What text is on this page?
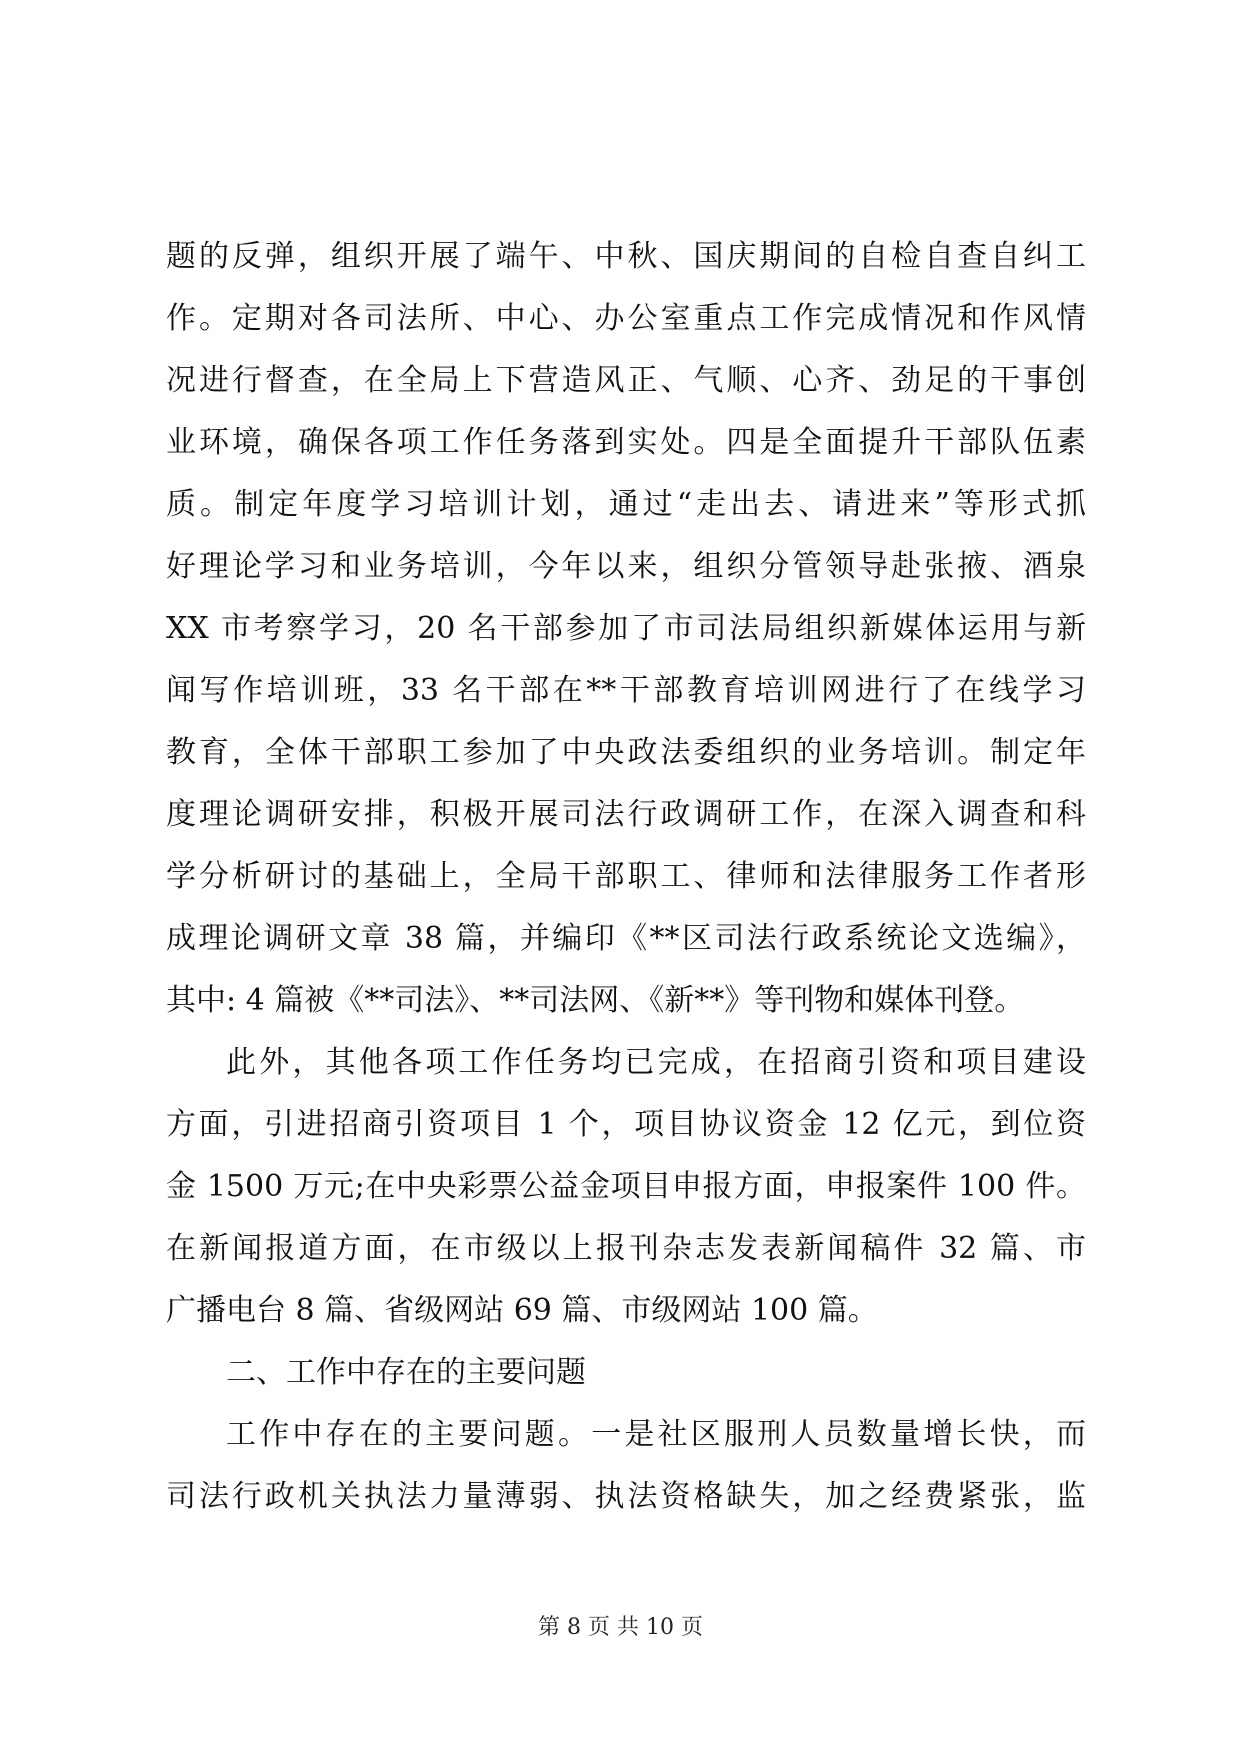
题的反弹，组织开展了端午、中秋、国庆期间的自检自查自纠工
作。定期对各司法所、中心、办公室重点工作完成情况和作风情
况进行督查，在全局上下营造风正、气顺、心齐、劲足的干事创
业环境，确保各项工作任务落到实处。四是全面提升干部队伍素
质。制定年度学习培训计划，通过“走出去、请进来”等形式抓
好理论学习和业务培训，今年以来，组织分管领导赴张掖、酒泉
XX 市考察学习，20 名干部参加了市司法局组织新媒体运用与新
闻写作培训班，33 名干部在**干部教育培训网进行了在线学习
教育，全体干部职工参加了中央政法委组织的业务培训。制定年
度理论调研安排，积极开展司法行政调研工作，在深入调查和科
学分析研讨的基础上，全局干部职工、律师和法律服务工作者形
成理论调研文章 38 篇，并编印《**区司法行政系统论文选编》，
其中: 4 篇被《**司法》、**司法网、《新**》等刊物和媒体刊登。
此外，其他各项工作任务均已完成，在招商引资和项目建设
方面，引进招商引资项目 1 个，项目协议资金 12 亿元，到位资
金 1500 万元;在中央彩票公益金项目申报方面，申报案件 100 件。
在新闻报道方面，在市级以上报刊杂志发表新闻稿件 32 篇、市
广播电台 8 篇、省级网站 69 篇、市级网站 100 篇。
二、工作中存在的主要问题
工作中存在的主要问题。一是社区服刑人员数量增长快，而
司法行政机关执法力量薄弱、执法资格缺失，加之经费紧张，监
第 8 页 共 10 页
